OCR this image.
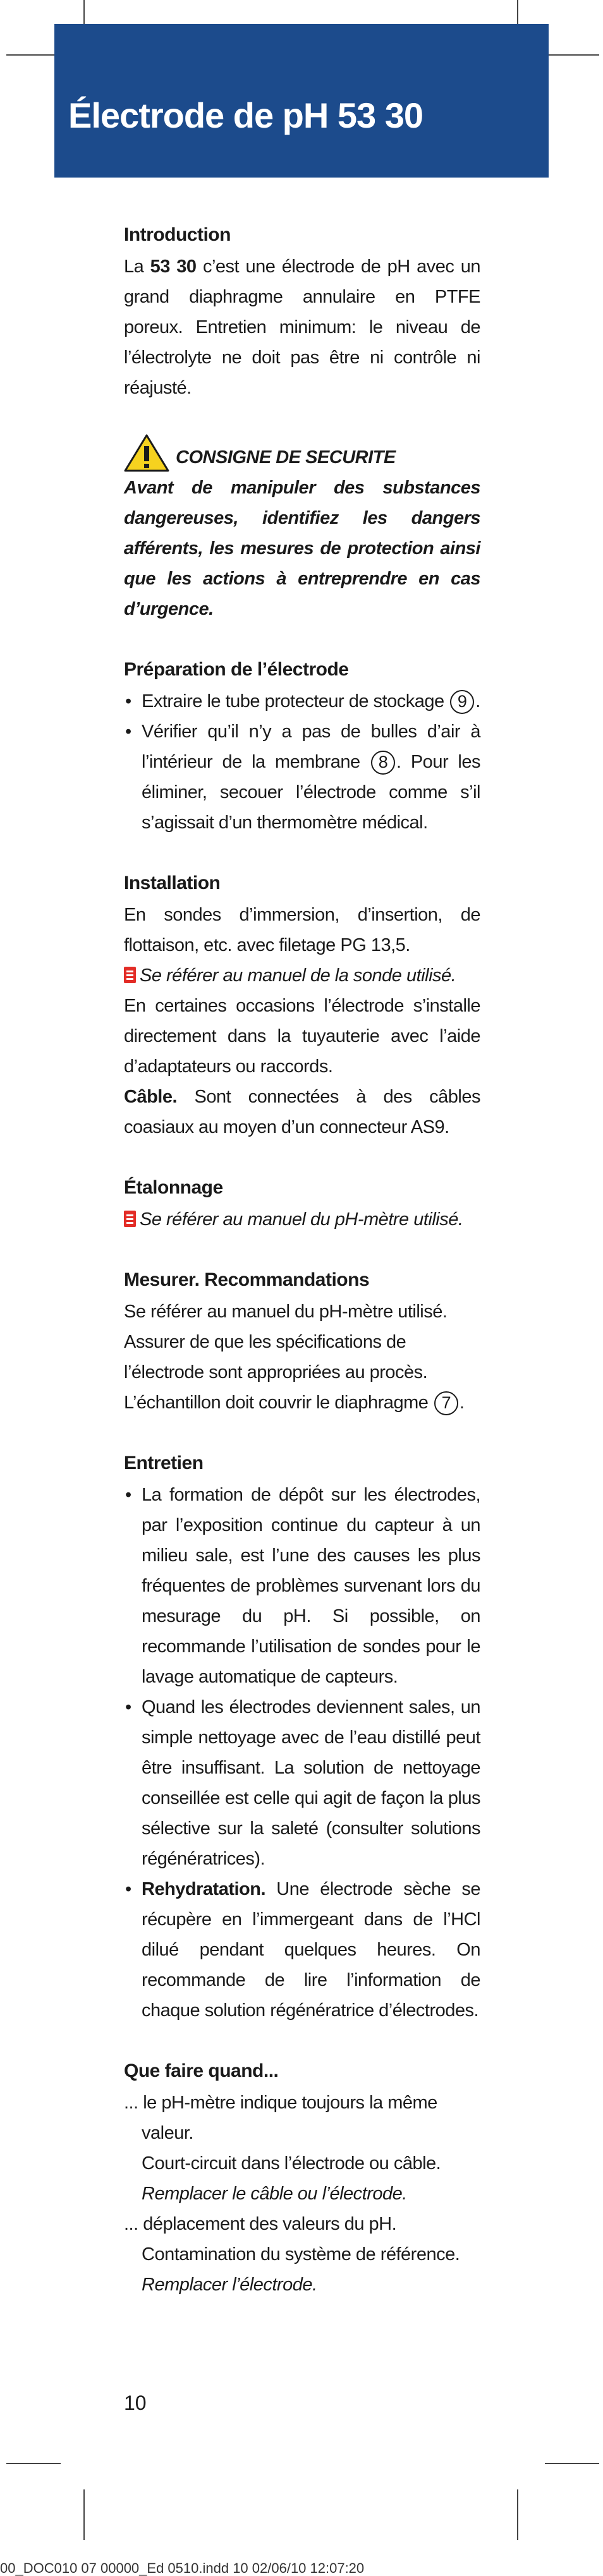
Électrode de pH 53 30
Introduction

La 53 30 c’est une électrode de pH avec un grand diaphragme annulaire en PTFE poreux. Entretien minimum: le niveau de l’électrolyte ne doit pas être ni contrôle ni réajusté.

CONSIGNE DE SECURITE

Avant de manipuler des substances dangereuses, identifiez les dangers afférents, les mesures de protection ainsi que les actions à entreprendre en cas d’urgence.

Préparation de l’électrode
• Extraire le tube protecteur de stockage 9 .
• Vérifier qu’il n’y a pas de bulles d’air à l’intérieur de la membrane 8 . Pour les éliminer, secouer l’électrode comme s’il s’agissait d’un thermomètre médical.
Installation

En sondes d’immersion, d’insertion, de flottaison, etc. avec filetage PG 13,5.

Se référer au manuel de la sonde utilisé.

En certaines occasions l’électrode s’installe directement dans la tuyauterie avec l’aide d’adaptateurs ou raccords.

Câble. Sont connectées à des câbles coasiaux au moyen d’un connecteur AS9.

Étalonnage

Se référer au manuel du pH-mètre utilisé.

Mesurer. Recommandations

Se référer au manuel du pH-mètre utilisé.

Assurer de que les spécifications de l’électrode sont appropriées au procès.

L’échantillon doit couvrir le diaphragme 7 .

Entretien
• La formation de dépôt sur les électrodes, par l’exposition continue du capteur à un milieu sale, est l’une des causes les plus fréquentes de problèmes survenant lors du mesurage du pH. Si possible, on recommande l’utilisation de sondes pour le lavage automatique de capteurs.
• Quand les électrodes deviennent sales, un simple nettoyage avec de l’eau distillé peut être insuffisant. La solution de nettoyage conseillée est celle qui agit de façon la plus sélective sur la saleté (consulter solutions régénératrices).
• Rehydratation. Une électrode sèche se récupère en l’immergeant dans de l’HCl dilué pendant quelques heures. On recommande de lire l’information de chaque solution régénératrice d’électrodes.
Que faire quand...

... le pH-mètre indique toujours la même valeur.

Court-circuit dans l’électrode ou câble.

Remplacer le câble ou l’électrode.

... déplacement des valeurs du pH.

Contamination du système de référence.

Remplacer l’électrode.

10
00_DOC010 07 00000_Ed 0510.indd 10 02/06/10 12:07:20
